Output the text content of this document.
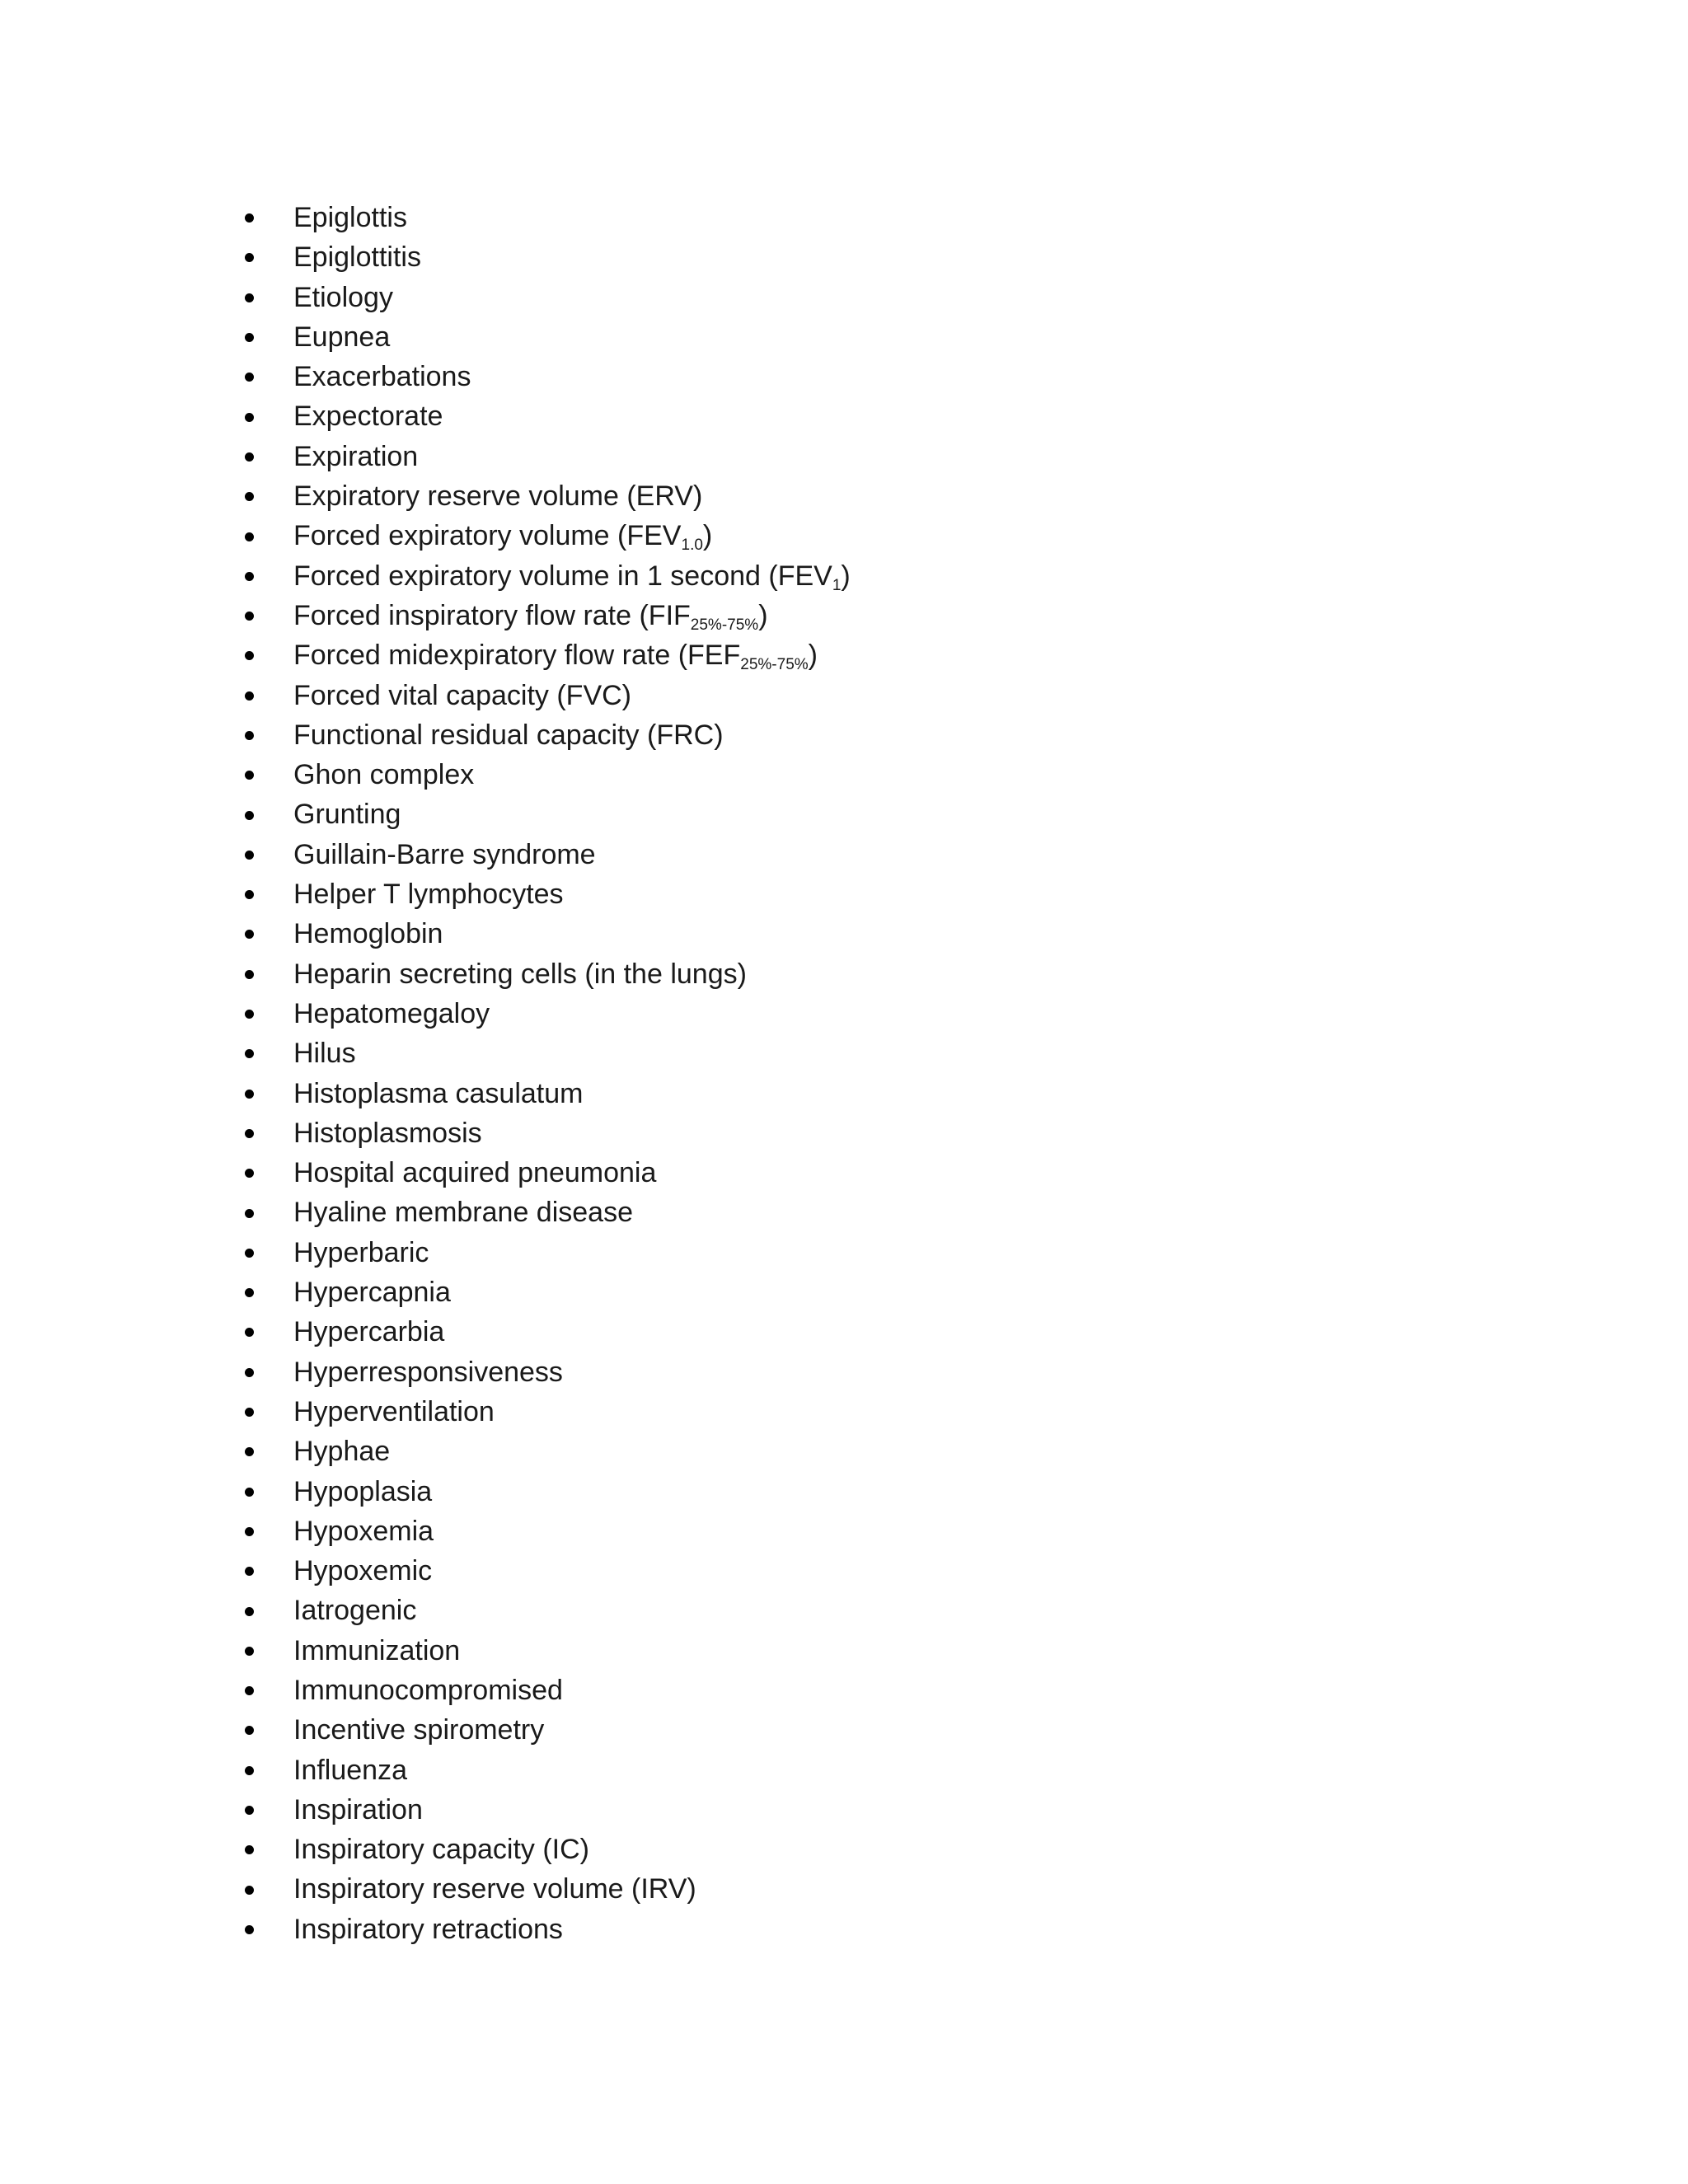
Epiglottis
Epiglottitis
Etiology
Eupnea
Exacerbations
Expectorate
Expiration
Expiratory reserve volume (ERV)
Forced expiratory volume $(FEV_{1.0})$
Forced expiratory volume in 1 second $(FEV_1)$
Forced inspiratory flow rate $(FIF_{25\%-75\%})$
Forced midexpiratory flow rate $(FEF_{25\%-75\%})$
Forced vital capacity (FVC)
Functional residual capacity (FRC)
Ghon complex
Grunting
Guillain-Barre syndrome
Helper T lymphocytes
Hemoglobin
Heparin secreting cells (in the lungs)
Hepatomegaloy
Hilus
Histoplasma casulatum
Histoplasmosis
Hospital acquired pneumonia
Hyaline membrane disease
Hyperbaric
Hypercapnia
Hypercarbia
Hyperresponsiveness
Hyperventilation
Hyphae
Hypoplasia
Hypoxemia
Hypoxemic
Iatrogenic
Immunization
Immunocompromised
Incentive spirometry
Influenza
Inspiration
Inspiratory capacity (IC)
Inspiratory reserve volume (IRV)
Inspiratory retractions
